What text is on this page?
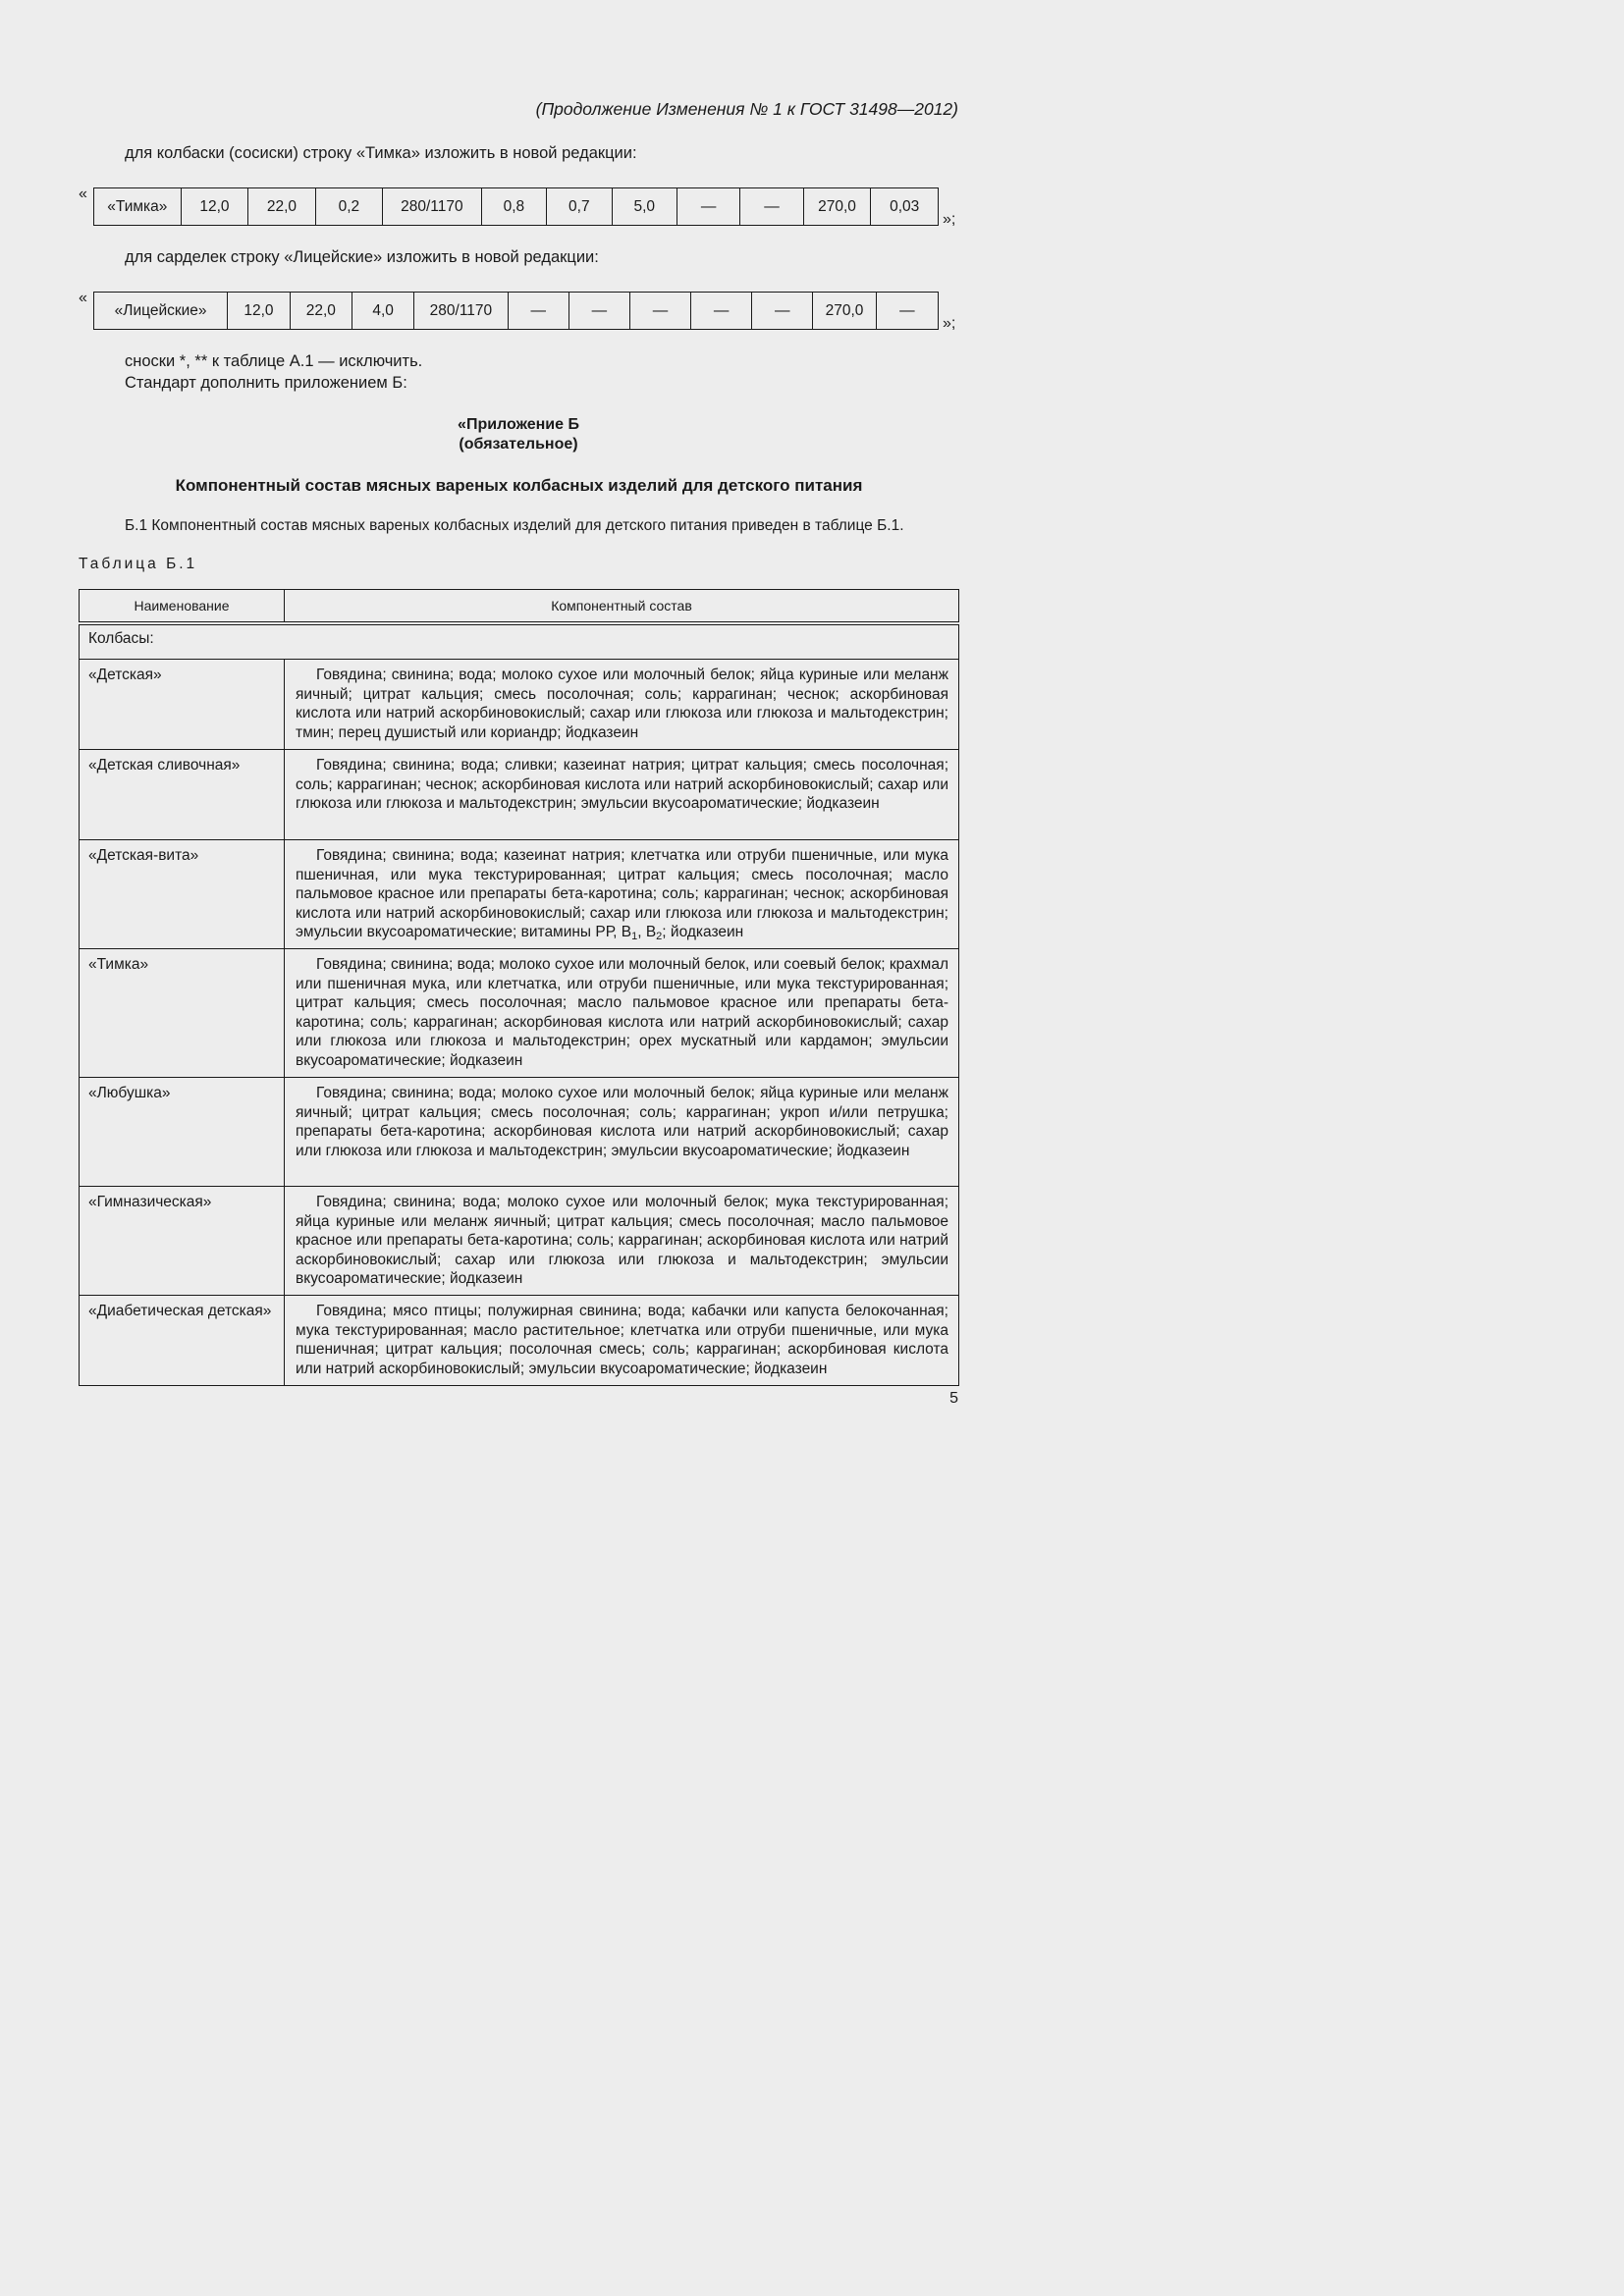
(Продолжение Изменения № 1 к ГОСТ 31498—2012)
для колбаски (сосиски) строку «Тимка» изложить в новой редакции:
«
«Тимка»	12,0	22,0	0,2	280/1170	0,8	0,7	5,0	—	—	270,0	0,03
»;
для сарделек строку «Лицейские» изложить в новой редакции:
«
«Лицейские»	12,0	22,0	4,0	280/1170	—	—	—	—	—	270,0	—
»;
сноски *, ** к таблице А.1 — исключить.
Стандарт дополнить приложением Б:
«Приложение Б
(обязательное)
Компонентный состав мясных вареных колбасных изделий для детского питания
Б.1 Компонентный состав мясных вареных колбасных изделий для детского питания приведен в таблице Б.1.
Таблица Б.1
Наименование	Компонентный состав
Колбасы:	
«Детская»	Говядина; свинина; вода; молоко сухое или молочный белок; яйца куриные или меланж яичный; цитрат кальция; смесь посолочная; соль; каррагинан; чеснок; аскорбиновая кислота или натрий аскорбиновокислый; сахар или глюкоза или глюкоза и мальтодекстрин; тмин; перец душистый или кориандр; йодказеин
«Детская сливочная»	Говядина; свинина; вода; сливки; казеинат натрия; цитрат кальция; смесь посолочная; соль; каррагинан; чеснок; аскорбиновая кислота или натрий аскорбиновокислый; сахар или глюкоза или глюкоза и мальтодекстрин; эмульсии вкусоароматические; йодказеин
«Детская-вита»	Говядина; свинина; вода; казеинат натрия; клетчатка или отруби пшеничные, или мука пшеничная, или мука текстурированная; цитрат кальция; смесь посолочная; масло пальмовое красное или препараты бета-каротина; соль; каррагинан; чеснок; аскорбиновая кислота или натрий аскорбиновокислый; сахар или глюкоза или глюкоза и мальтодекстрин; эмульсии вкусоароматические; витамины РР, $В_1$, $В_2$; йодказеин
«Тимка»	Говядина; свинина; вода; молоко сухое или молочный белок, или соевый белок; крахмал или пшеничная мука, или клетчатка, или отруби пшеничные, или мука текстурированная; цитрат кальция; смесь посолочная; масло пальмовое красное или препараты бета-каротина; соль; каррагинан; аскорбиновая кислота или натрий аскорбиновокислый; сахар или глюкоза или глюкоза и мальтодекстрин; орех мускатный или кардамон; эмульсии вкусоароматические; йодказеин
«Любушка»	Говядина; свинина; вода; молоко сухое или молочный белок; яйца куриные или меланж яичный; цитрат кальция; смесь посолочная; соль; каррагинан; укроп и/или петрушка; препараты бета-каротина; аскорбиновая кислота или натрий аскорбиновокислый; сахар или глюкоза или глюкоза и мальтодекстрин; эмульсии вкусоароматические; йодказеин
«Гимназическая»	Говядина; свинина; вода; молоко сухое или молочный белок; мука текстурированная; яйца куриные или меланж яичный; цитрат кальция; смесь посолочная; масло пальмовое красное или препараты бета-каротина; соль; каррагинан; аскорбиновая кислота или натрий аскорбиновокислый; сахар или глюкоза или глюкоза и мальтодекстрин; эмульсии вкусоароматические; йодказеин
«Диабетическая детская»	Говядина; мясо птицы; полужирная свинина; вода; кабачки или капуста белокочанная; мука текстурированная; масло растительное; клетчатка или отруби пшеничные, или мука пшеничная; цитрат кальция; посолочная смесь; соль; каррагинан; аскорбиновая кислота или натрий аскорбиновокислый; эмульсии вкусоароматические; йодказеин
5
